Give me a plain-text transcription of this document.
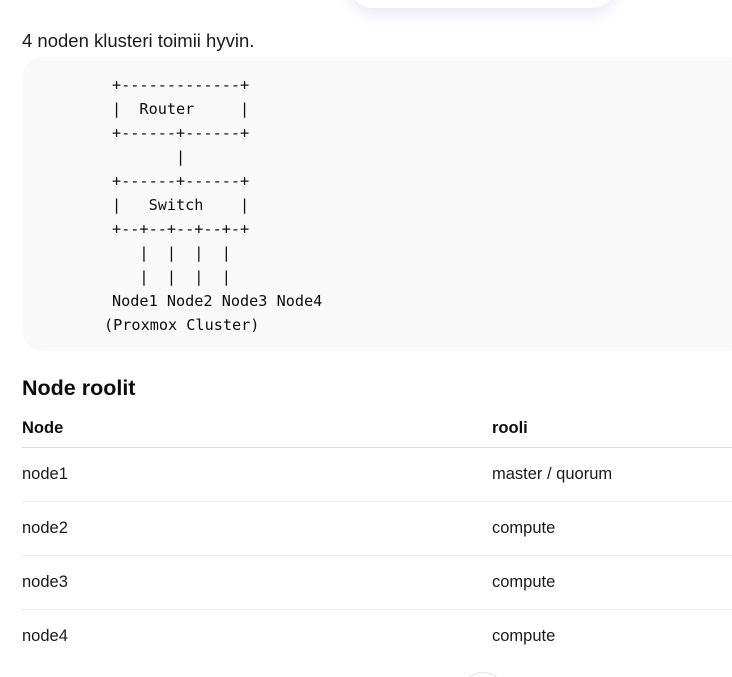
4 noden klusteri toimii hyvin.

+-------------+
|  Router     |
+------+------+
|
+------+------+
|   Switch    |
+--+--+--+--+-+
|  |  |  |
|  |  |  |
Node1 Node2 Node3 Node4
(Proxmox Cluster)
Node roolit
Node	rooli
node1	master / quorum
node2	compute
node3	compute
node4	compute
